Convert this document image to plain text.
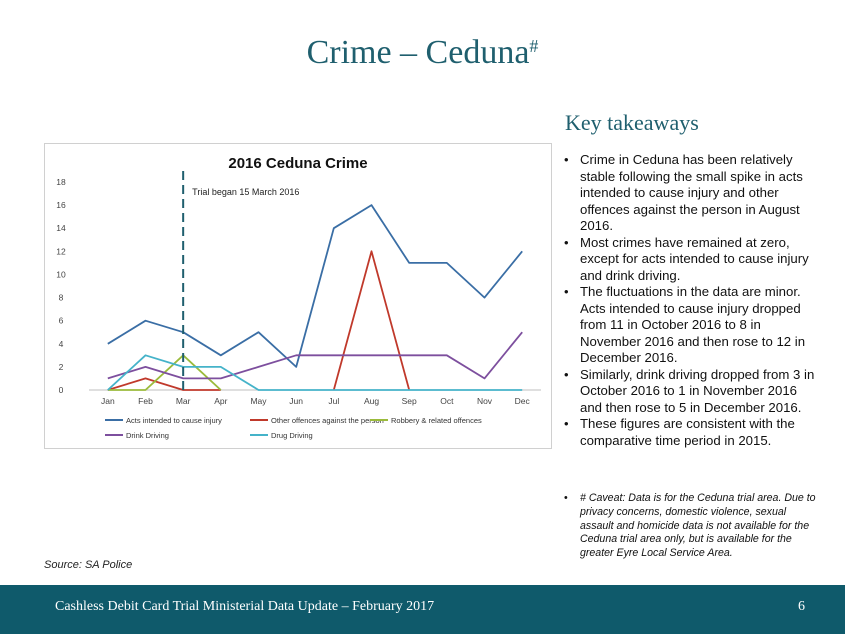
Crime – Ceduna#
2016 Ceduna Crime
0
2
4
6
8
10
12
14
16
18
Jan	Feb	Mar	Apr	May	Jun	Jul	Aug	Sep	Oct	Nov	Dec
Trial began 15 March 2016
Acts intended to cause injury	Other offences against the person Robbery & related offences
Drink Driving	Drug Driving
Source: SA Police
Key takeaways
• Crime in Ceduna has been relatively stable following the small spike in acts intended to cause injury and other offences against the person in August 2016.
• Most crimes have remained at zero, except for acts intended to cause injury and drink driving.
• The fluctuations in the data are minor. Acts intended to cause injury dropped from 11 in October 2016 to 8 in November 2016 and then rose to 12 in December 2016.
• Similarly, drink driving dropped from 3 in October 2016 to 1 in November 2016 and then rose to 5 in December 2016.
• These figures are consistent with the comparative time period in 2015.
• # Caveat: Data is for the Ceduna trial area. Due to privacy concerns, domestic violence, sexual assault and homicide data is not available for the Ceduna trial area only, but is available for the greater Eyre Local Service Area.
Cashless Debit Card Trial Ministerial Data Update – February 2017	6
